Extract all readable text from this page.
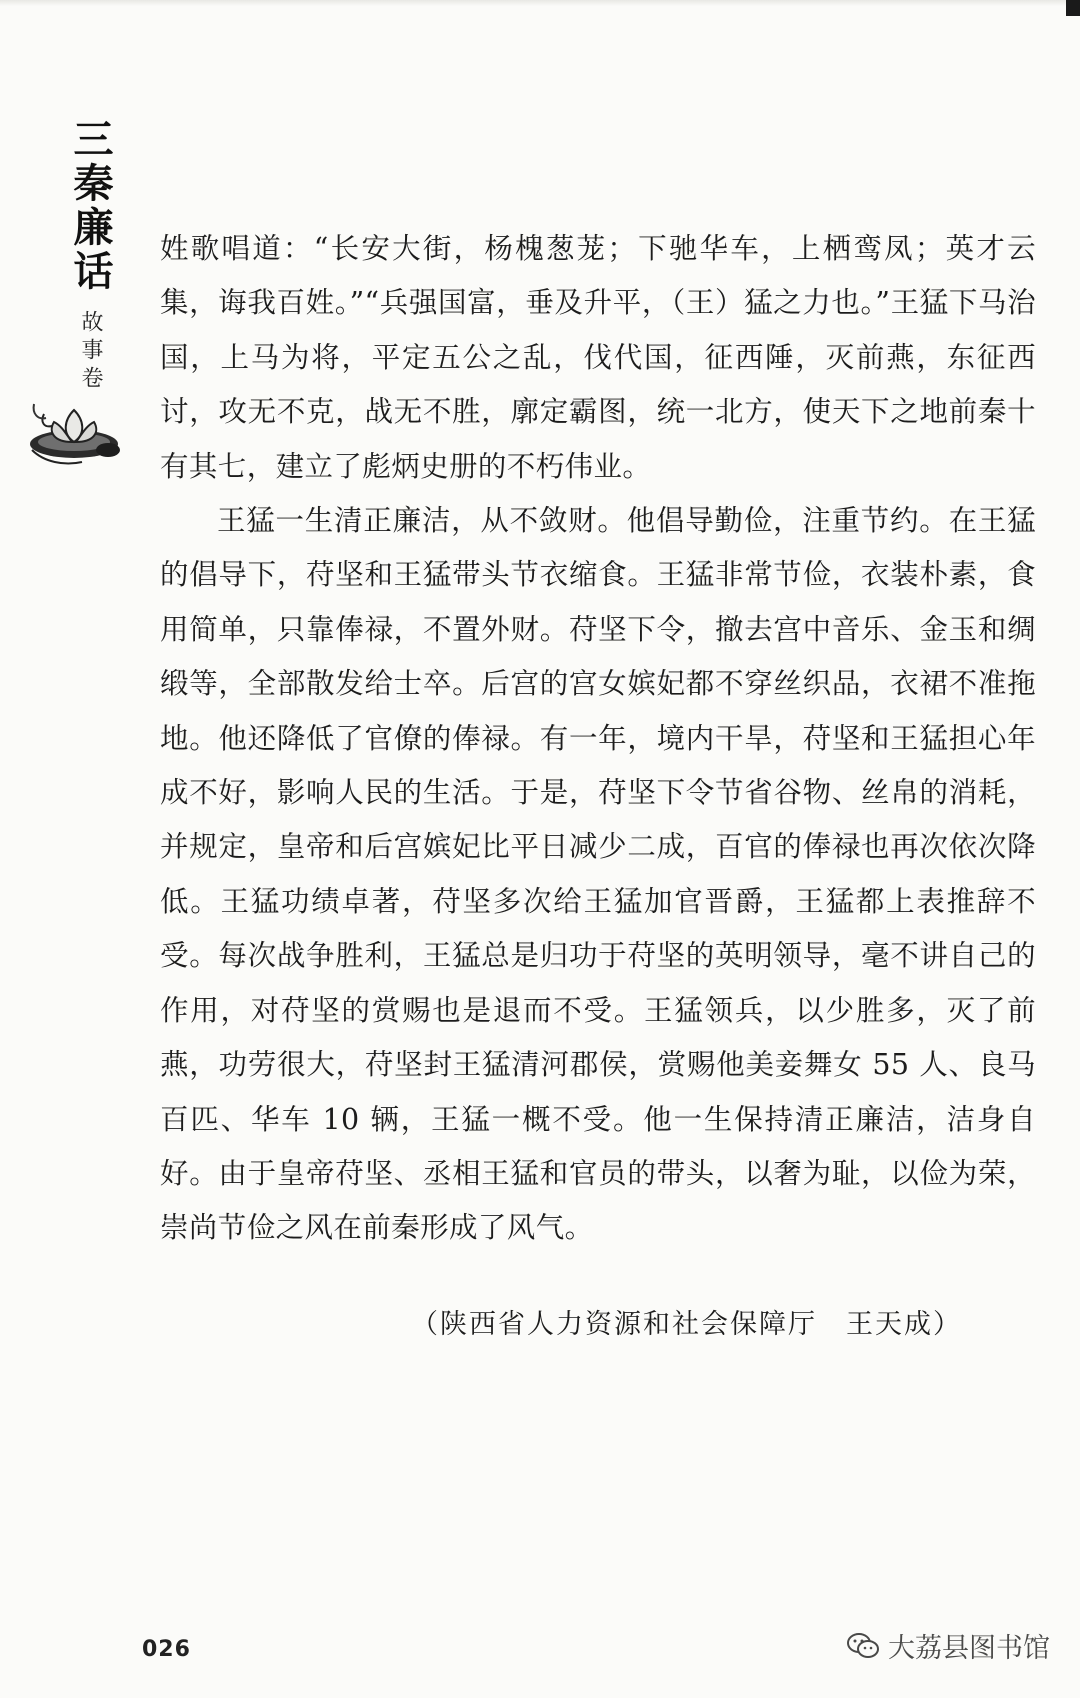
三秦廉话
故事卷

姓歌唱道：“长安大街，杨槐葱茏；下驰华车，上栖鸾凤；英才云集，诲我百姓。”“兵强国富，垂及升平，（王）猛之力也。”王猛下马治国，上马为将，平定五公之乱，伐代国，征西陲，灭前燕，东征西讨，攻无不克，战无不胜，廓定霸图，统一北方，使天下之地前秦十有其七，建立了彪炳史册的不朽伟业。

王猛一生清正廉洁，从不敛财。他倡导勤俭，注重节约。在王猛的倡导下，苻坚和王猛带头节衣缩食。王猛非常节俭，衣装朴素，食用简单，只靠俸禄，不置外财。苻坚下令，撤去宫中音乐、金玉和绸缎等，全部散发给士卒。后宫的宫女嫔妃都不穿丝织品，衣裙不准拖地。他还降低了官僚的俸禄。有一年，境内干旱，苻坚和王猛担心年成不好，影响人民的生活。于是，苻坚下令节省谷物、丝帛的消耗，并规定，皇帝和后宫嫔妃比平日减少二成，百官的俸禄也再次依次降低。王猛功绩卓著，苻坚多次给王猛加官晋爵，王猛都上表推辞不受。每次战争胜利，王猛总是归功于苻坚的英明领导，毫不讲自己的作用，对苻坚的赏赐也是退而不受。王猛领兵，以少胜多，灭了前燕，功劳很大，苻坚封王猛清河郡侯，赏赐他美妾舞女 55 人、良马百匹、华车 10 辆，王猛一概不受。他一生保持清正廉洁，洁身自好。由于皇帝苻坚、丞相王猛和官员的带头，以奢为耻，以俭为荣，崇尚节俭之风在前秦形成了风气。

（陕西省人力资源和社会保障厅　王天成）
026	大荔县图书馆
